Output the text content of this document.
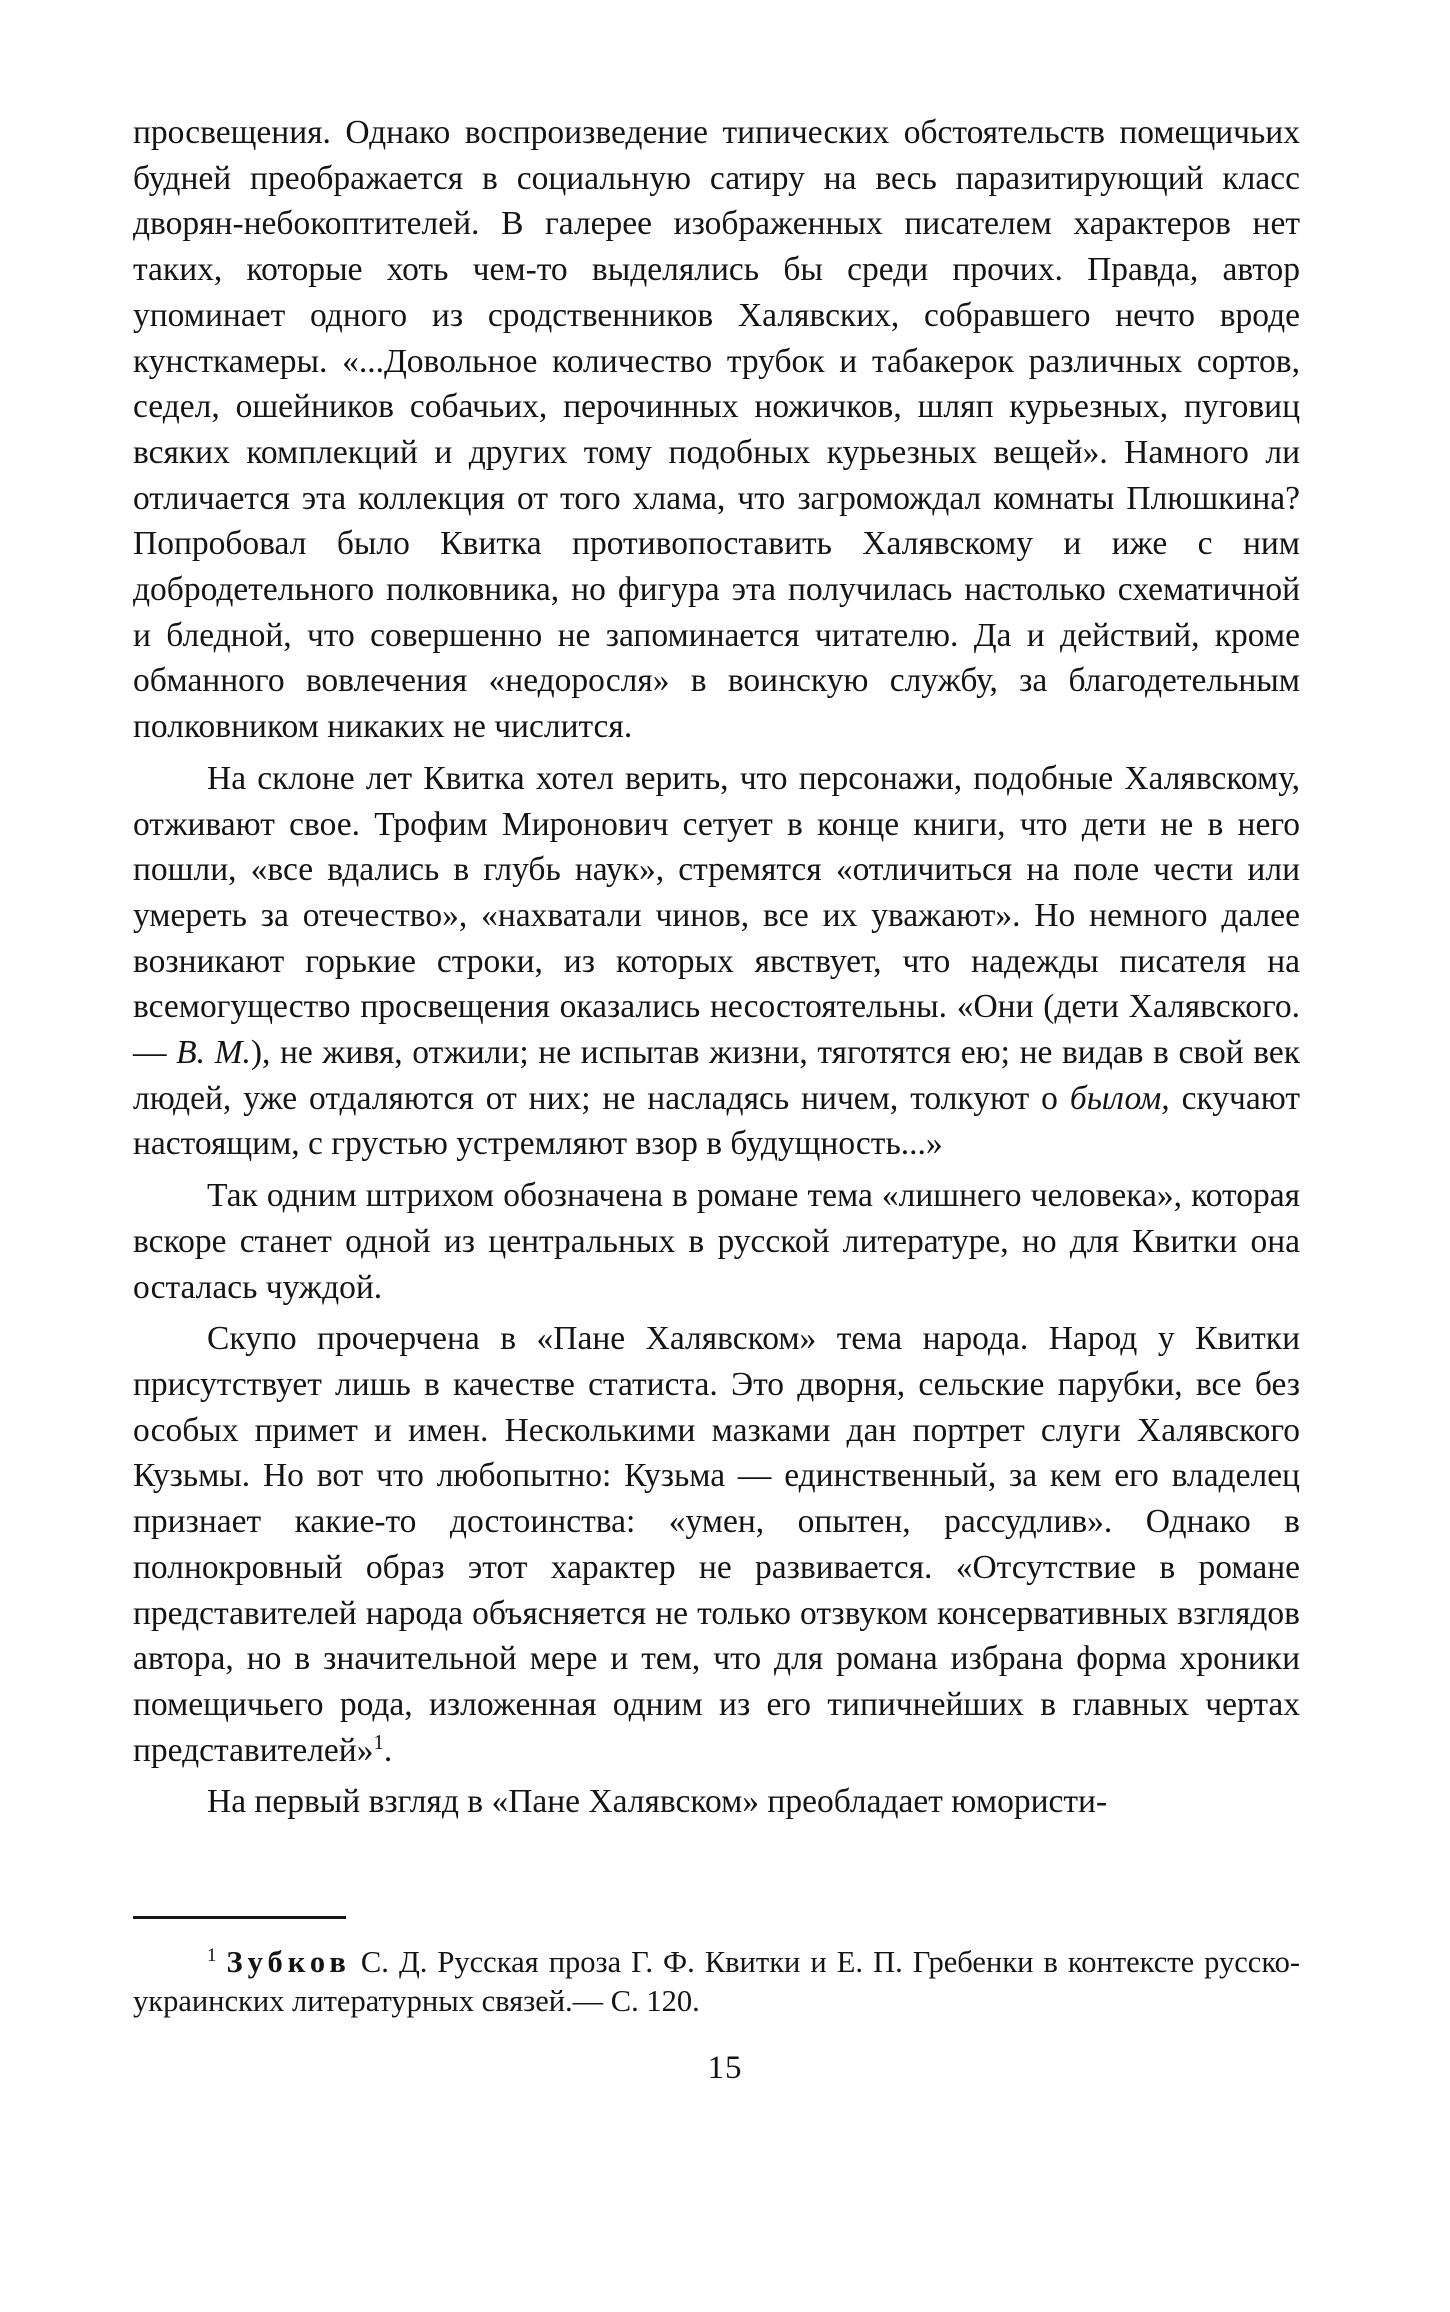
просвещения. Однако воспроизведение типических обстоятельств помещичьих будней преображается в социальную сатиру на весь паразитирующий класс дворян-небокоптителей. В галерее изображенных писателем характеров нет таких, которые хоть чем-то выделялись бы среди прочих. Правда, автор упоминает одного из сродственников Халявских, собравшего нечто вроде кунсткамеры. «...Довольное количество трубок и табакерок различных сортов, седел, ошейников собачьих, перочинных ножичков, шляп курьезных, пуговиц всяких комплекций и других тому подобных курьезных вещей». Намного ли отличается эта коллекция от того хлама, что загромождал комнаты Плюшкина? Попробовал было Квитка противопоставить Халявскому и иже с ним добродетельного полковника, но фигура эта получилась настолько схематичной и бледной, что совершенно не запоминается читателю. Да и действий, кроме обманного вовлечения «недоросля» в воинскую службу, за благодетельным полковником никаких не числится.

На склоне лет Квитка хотел верить, что персонажи, подобные Халявскому, отживают свое. Трофим Миронович сетует в конце книги, что дети не в него пошли, «все вдались в глубь наук», стремятся «отличиться на поле чести или умереть за отечество», «нахватали чинов, все их уважают». Но немного далее возникают горькие строки, из которых явствует, что надежды писателя на всемогущество просвещения оказались несостоятельны. «Они (дети Халявского.— В. М.), не живя, отжили; не испытав жизни, тяготятся ею; не видав в свой век людей, уже отдаляются от них; не насладясь ничем, толкуют о былом, скучают настоящим, с грустью устремляют взор в будущность...»

Так одним штрихом обозначена в романе тема «лишнего человека», которая вскоре станет одной из центральных в русской литературе, но для Квитки она осталась чуждой.

Скупо прочерчена в «Пане Халявском» тема народа. Народ у Квитки присутствует лишь в качестве статиста. Это дворня, сельские парубки, все без особых примет и имен. Несколькими мазками дан портрет слуги Халявского Кузьмы. Но вот что любопытно: Кузьма — единственный, за кем его владелец признает какие-то достоинства: «умен, опытен, рассудлив». Однако в полнокровный образ этот характер не развивается. «Отсутствие в романе представителей народа объясняется не только отзвуком консервативных взглядов автора, но в значительной мере и тем, что для романа избрана форма хроники помещичьего рода, изложенная одним из его типичнейших в главных чертах представителей»$^1$.

На первый взгляд в «Пане Халявском» преобладает юмористи-

$^1$ Зубков С. Д. Русская проза Г. Ф. Квитки и Е. П. Гребенки в контексте русско-украинских литературных связей.— С. 120.

15
